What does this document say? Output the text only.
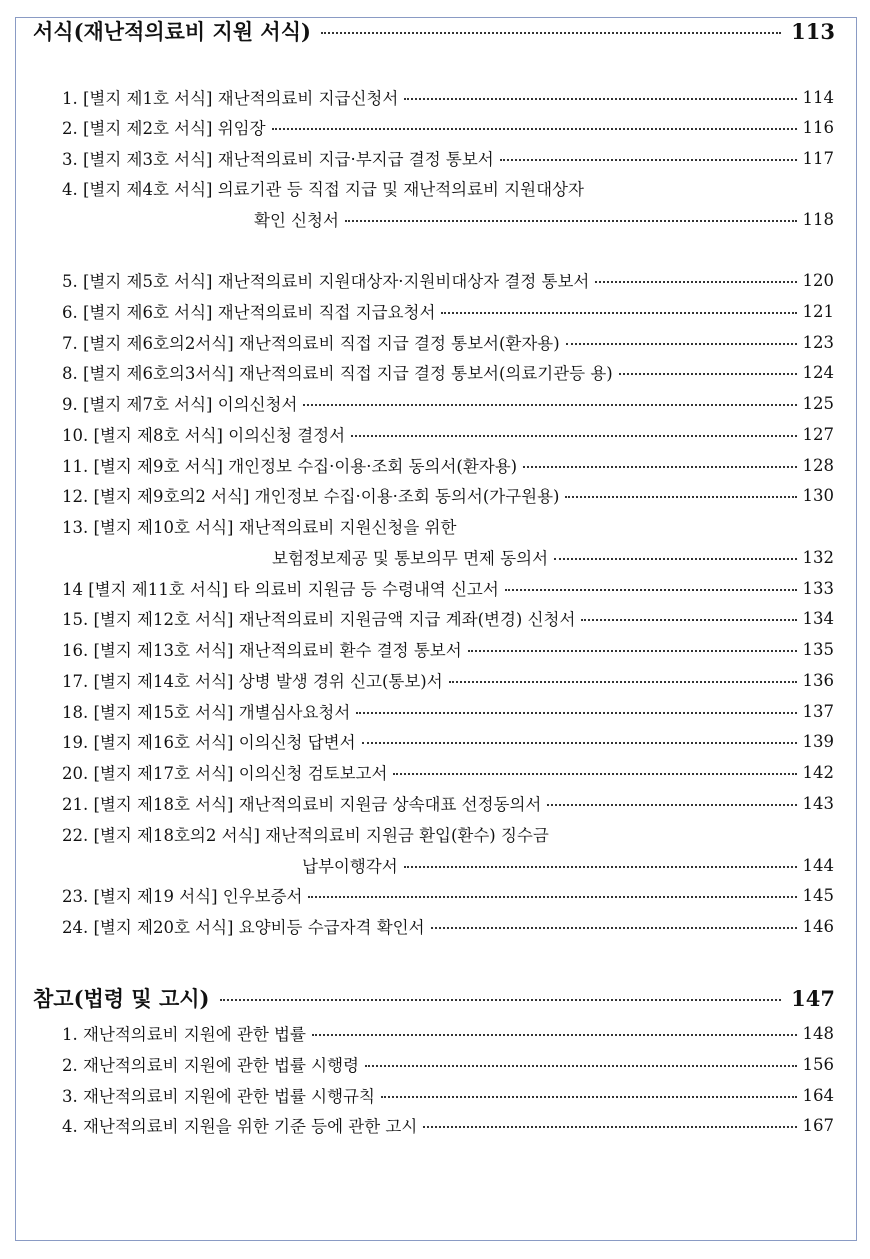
서식(재난적의료비 지원 서식)	113
1. [별지 제1호 서식] 재난적의료비 지급신청서	114
2. [별지 제2호 서식] 위임장	116
3. [별지 제3호 서식] 재난적의료비 지급·부지급 결정 통보서	117
4. [별지 제4호 서식] 의료기관 등 직접 지급 및 재난적의료비 지원대상자
확인 신청서	118
5. [별지 제5호 서식] 재난적의료비 지원대상자·지원비대상자 결정 통보서	120
6. [별지 제6호 서식] 재난적의료비 직접 지급요청서	121
7. [별지 제6호의2서식] 재난적의료비 직접 지급 결정 통보서(환자용)	123
8. [별지 제6호의3서식] 재난적의료비 직접 지급 결정 통보서(의료기관등 용)	124
9. [별지 제7호 서식] 이의신청서	125
10. [별지 제8호 서식] 이의신청 결정서	127
11. [별지 제9호 서식] 개인정보 수집·이용·조회 동의서(환자용)	128
12. [별지 제9호의2 서식] 개인정보 수집·이용·조회 동의서(가구원용)	130
13. [별지 제10호 서식] 재난적의료비 지원신청을 위한
보험정보제공 및 통보의무 면제 동의서	132
14 [별지 제11호 서식] 타 의료비 지원금 등 수령내역 신고서	133
15. [별지 제12호 서식] 재난적의료비 지원금액 지급 계좌(변경) 신청서	134
16. [별지 제13호 서식] 재난적의료비 환수 결정 통보서	135
17. [별지 제14호 서식] 상병 발생 경위 신고(통보)서	136
18. [별지 제15호 서식] 개별심사요청서	137
19. [별지 제16호 서식] 이의신청 답변서	139
20. [별지 제17호 서식] 이의신청 검토보고서	142
21. [별지 제18호 서식] 재난적의료비 지원금 상속대표 선정동의서	143
22. [별지 제18호의2 서식] 재난적의료비 지원금 환입(환수) 징수금
납부이행각서	144
23. [별지 제19 서식] 인우보증서	145
24. [별지 제20호 서식] 요양비등 수급자격 확인서	146
참고(법령 및 고시)	147
1. 재난적의료비 지원에 관한 법률	148
2. 재난적의료비 지원에 관한 법률 시행령	156
3. 재난적의료비 지원에 관한 법률 시행규칙	164
4. 재난적의료비 지원을 위한 기준 등에 관한 고시	167
